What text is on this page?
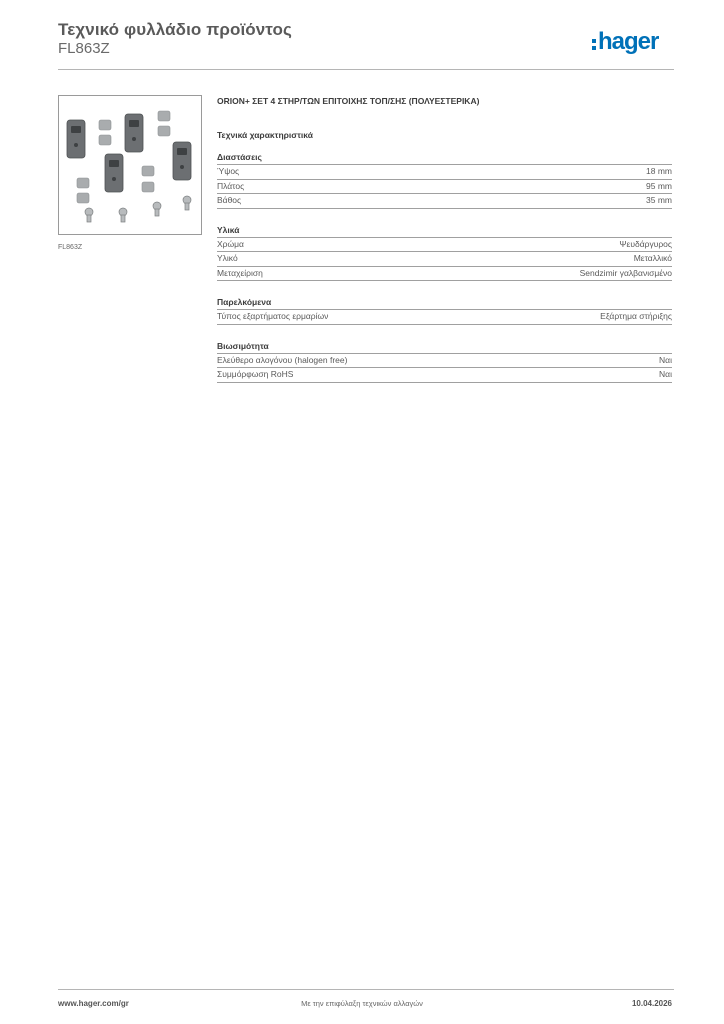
Τεχνικό φυλλάδιο προϊόντος
FL863Z	hager
FL863Z

ORION+ ΣΕΤ 4 ΣΤΗΡ/ΤΩΝ ΕΠΙΤΟΙΧΗΣ ΤΟΠ/ΣΗΣ (ΠΟΛΥΕΣΤΕΡΙΚΑ)

Τεχνικά χαρακτηριστικά

Διαστάσεις
Ύψος	18 mm
Πλάτος	95 mm
Βάθος	35 mm
Υλικά
Χρώμα	Ψευδάργυρος
Υλικό	Μεταλλικό
Μεταχείριση	Sendzimir γαλβανισμένο
Παρελκόμενα
Τύπος εξαρτήματος ερμαρίων	Εξάρτημα στήριξης
Βιωσιμότητα
Ελεύθερο αλογόνου (halogen free)	Ναι
Συμμόρφωση RoHS	Ναι
www.hager.com/gr	Με την επιφύλαξη τεχνικών αλλαγών	10.04.2026
